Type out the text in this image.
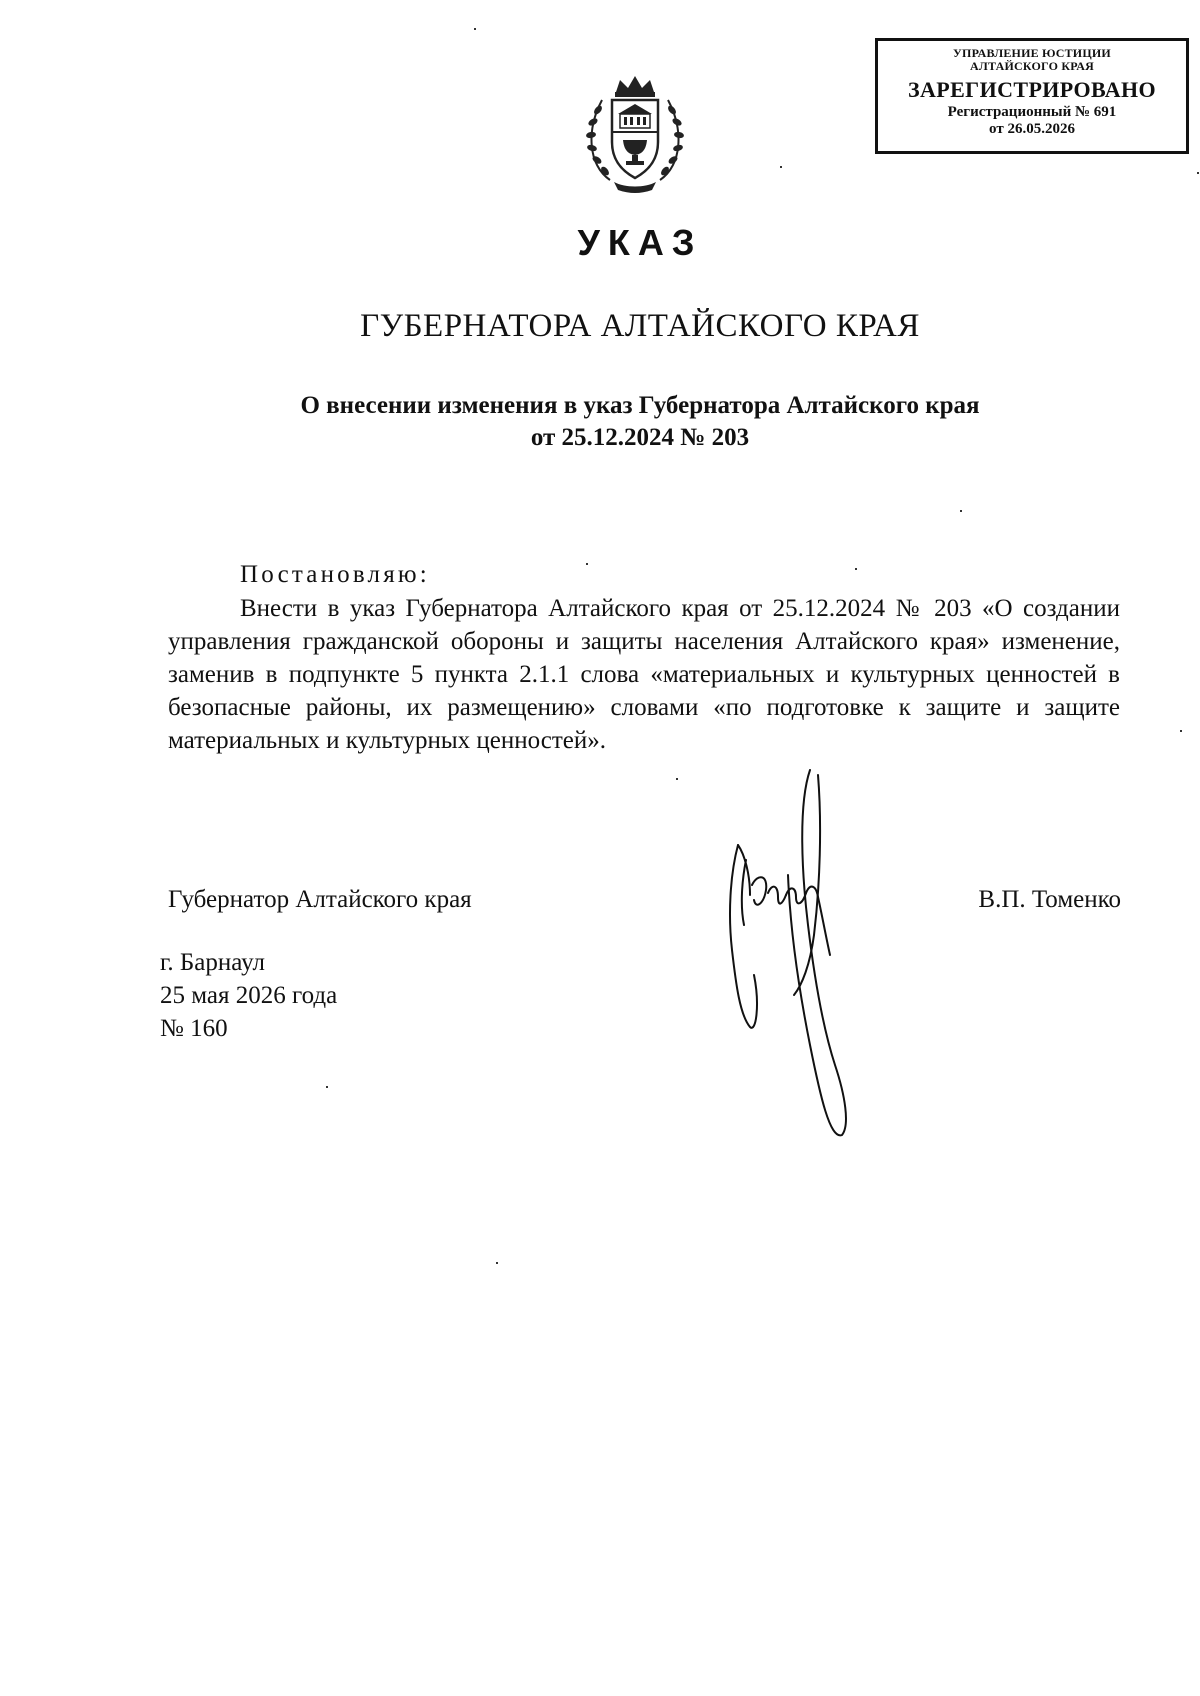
УПРАВЛЕНИЕ ЮСТИЦИИ
АЛТАЙСКОГО КРАЯ
ЗАРЕГИСТРИРОВАНО
Регистрационный № 691
от 26.05.2026
УКАЗ
ГУБЕРНАТОРА АЛТАЙСКОГО КРАЯ
О внесении изменения в указ Губернатора Алтайского края
от 25.12.2024 № 203
Постановляю:
Внести в указ Губернатора Алтайского края от 25.12.2024 № 203 «О создании управления гражданской обороны и защиты населения Алтайского края» изменение, заменив в подпункте 5 пункта 2.1.1 слова «материальных и культурных ценностей в безопасные районы, их размещению» словами «по подготовке к защите и защите материальных и культурных ценностей».
Губернатор Алтайского края	В.П. Томенко
г. Барнаул
25 мая 2026 года
№ 160
